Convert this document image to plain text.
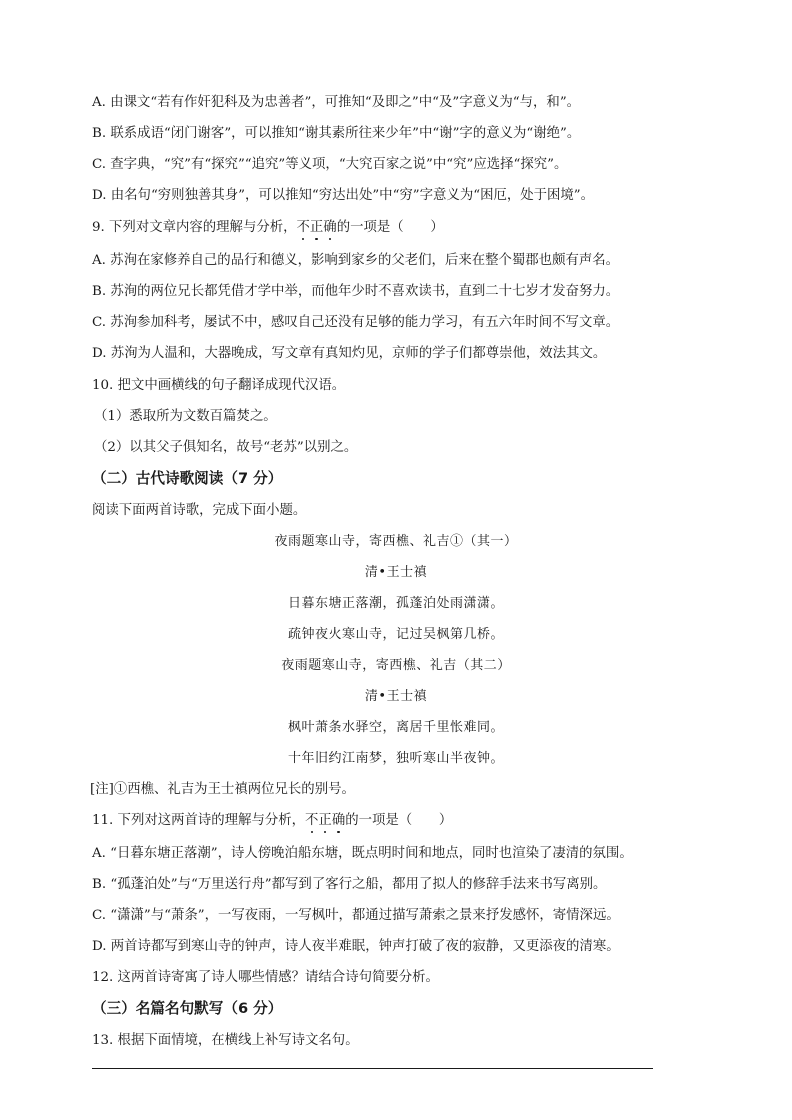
A. 由课文“若有作奸犯科及为忠善者”，可推知“及即之”中“及”字意义为“与，和”。
B. 联系成语“闭门谢客”，可以推知“谢其素所往来少年”中“谢”字的意义为“谢绝”。
C. 查字典，“究”有“探究”“追究”等义项，“大究百家之说”中“究”应选择“探究”。
D. 由名句“穷则独善其身”，可以推知“穷达出处”中“穷”字意义为“困厄，处于困境”。
9. 下列对文章内容的理解与分析，不正确的一项是（　　）
A. 苏洵在家修养自己的品行和德义，影响到家乡的父老们，后来在整个蜀郡也颇有声名。
B. 苏洵的两位兄长都凭借才学中举，而他年少时不喜欢读书，直到二十七岁才发奋努力。
C. 苏洵参加科考，屡试不中，感叹自己还没有足够的能力学习，有五六年时间不写文章。
D. 苏洵为人温和，大器晚成，写文章有真知灼见，京师的学子们都尊崇他，效法其文。
10. 把文中画横线的句子翻译成现代汉语。
（1）悉取所为文数百篇焚之。
（2）以其父子俱知名，故号“老苏”以别之。
（二）古代诗歌阅读（7 分）
阅读下面两首诗歌，完成下面小题。
夜雨题寒山寺，寄西樵、礼吉①（其一）
清•王士禛
日暮东塘正落潮，孤蓬泊处雨潇潇。
疏钟夜火寒山寺，记过吴枫第几桥。
夜雨题寒山寺，寄西樵、礼吉（其二）
清•王士禛
枫叶萧条水驿空，离居千里怅难同。
十年旧约江南梦，独听寒山半夜钟。
[注]①西樵、礼吉为王士禛两位兄长的别号。
11. 下列对这两首诗的理解与分析，不正确的一项是（　　）
A. “日暮东塘正落潮”，诗人傍晚泊船东塘，既点明时间和地点，同时也渲染了凄清的氛围。
B. “孤蓬泊处”与“万里送行舟”都写到了客行之船，都用了拟人的修辞手法来书写离别。
C. “潇潇”与“萧条”，一写夜雨，一写枫叶，都通过描写萧索之景来抒发感怀，寄情深远。
D. 两首诗都写到寒山寺的钟声，诗人夜半难眠，钟声打破了夜的寂静，又更添夜的清寒。
12. 这两首诗寄寓了诗人哪些情感？请结合诗句简要分析。
（三）名篇名句默写（6 分）
13. 根据下面情境，在横线上补写诗文名句。
